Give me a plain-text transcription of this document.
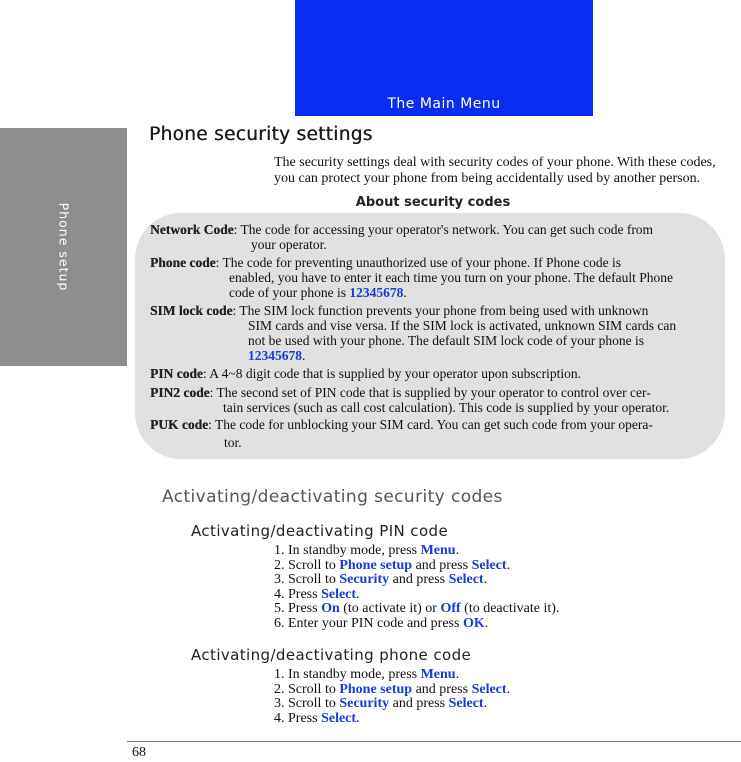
Phone setup
The Main Menu
Phone security settings
The security settings deal with security codes of your phone. With these codes, you can protect your phone from being accidentally used by another person.
About security codes
Network Code: The code for accessing your operator's network. You can get such code from
your operator.
Phone code: The code for preventing unauthorized use of your phone. If Phone code is
enabled, you have to enter it each time you turn on your phone. The default Phone
code of your phone is 12345678.
SIM lock code: The SIM lock function prevents your phone from being used with unknown
SIM cards and vise versa. If the SIM lock is activated, unknown SIM cards can
not be used with your phone. The default SIM lock code of your phone is
12345678.
PIN code: A 4~8 digit code that is supplied by your operator upon subscription.
PIN2 code: The second set of PIN code that is supplied by your operator to control over cer-
tain services (such as call cost calculation). This code is supplied by your operator.
PUK code: The code for unblocking your SIM card. You can get such code from your opera-
tor.
Activating/deactivating security codes
Activating/deactivating PIN code
1. In standby mode, press Menu.
2. Scroll to Phone setup and press Select.
3. Scroll to Security and press Select.
4. Press Select.
5. Press On (to activate it) or Off (to deactivate it).
6. Enter your PIN code and press OK.
Activating/deactivating phone code
1. In standby mode, press Menu.
2. Scroll to Phone setup and press Select.
3. Scroll to Security and press Select.
4. Press Select.
68
